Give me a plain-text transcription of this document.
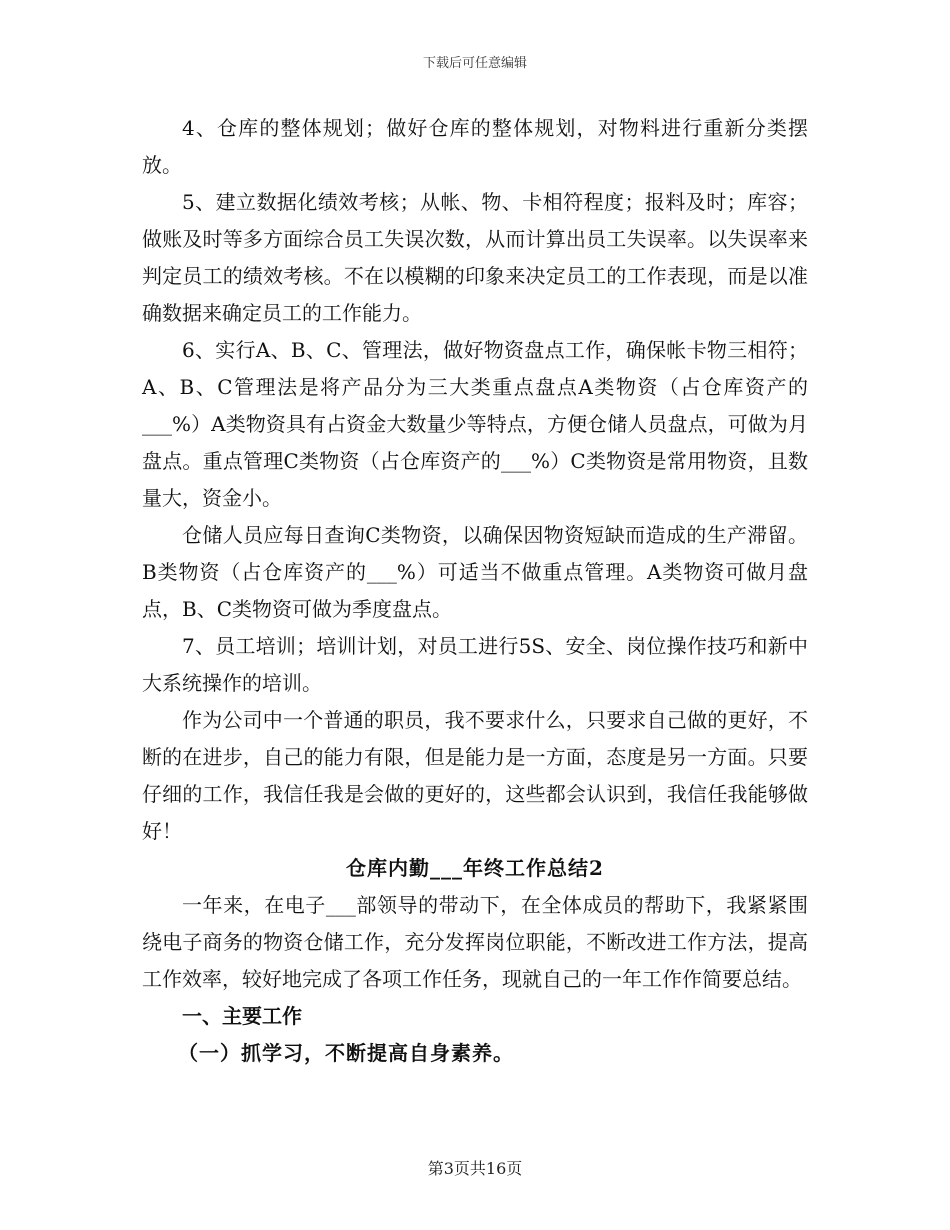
下载后可任意编辑

4、仓库的整体规划；做好仓库的整体规划，对物料进行重新分类摆放。

5、建立数据化绩效考核；从帐、物、卡相符程度；报料及时；库容；做账及时等多方面综合员工失误次数，从而计算出员工失误率。以失误率来判定员工的绩效考核。不在以模糊的印象来决定员工的工作表现，而是以准确数据来确定员工的工作能力。

6、实行A、B、C、管理法，做好物资盘点工作，确保帐卡物三相符；A、B、C管理法是将产品分为三大类重点盘点A类物资（占仓库资产的___%）A类物资具有占资金大数量少等特点，方便仓储人员盘点，可做为月盘点。重点管理C类物资（占仓库资产的___%）C类物资是常用物资，且数量大，资金小。

仓储人员应每日查询C类物资，以确保因物资短缺而造成的生产滞留。B类物资（占仓库资产的___%）可适当不做重点管理。A类物资可做月盘点，B、C类物资可做为季度盘点。

7、员工培训；培训计划，对员工进行5S、安全、岗位操作技巧和新中大系统操作的培训。

作为公司中一个普通的职员，我不要求什么，只要求自己做的更好，不断的在进步，自己的能力有限，但是能力是一方面，态度是另一方面。只要仔细的工作，我信任我是会做的更好的，这些都会认识到，我信任我能够做好！

仓库内勤___年终工作总结2

一年来，在电子___部领导的带动下，在全体成员的帮助下，我紧紧围绕电子商务的物资仓储工作，充分发挥岗位职能，不断改进工作方法，提高工作效率，较好地完成了各项工作任务，现就自己的一年工作作简要总结。

一、主要工作

（一）抓学习，不断提高自身素养。

第3页共16页
